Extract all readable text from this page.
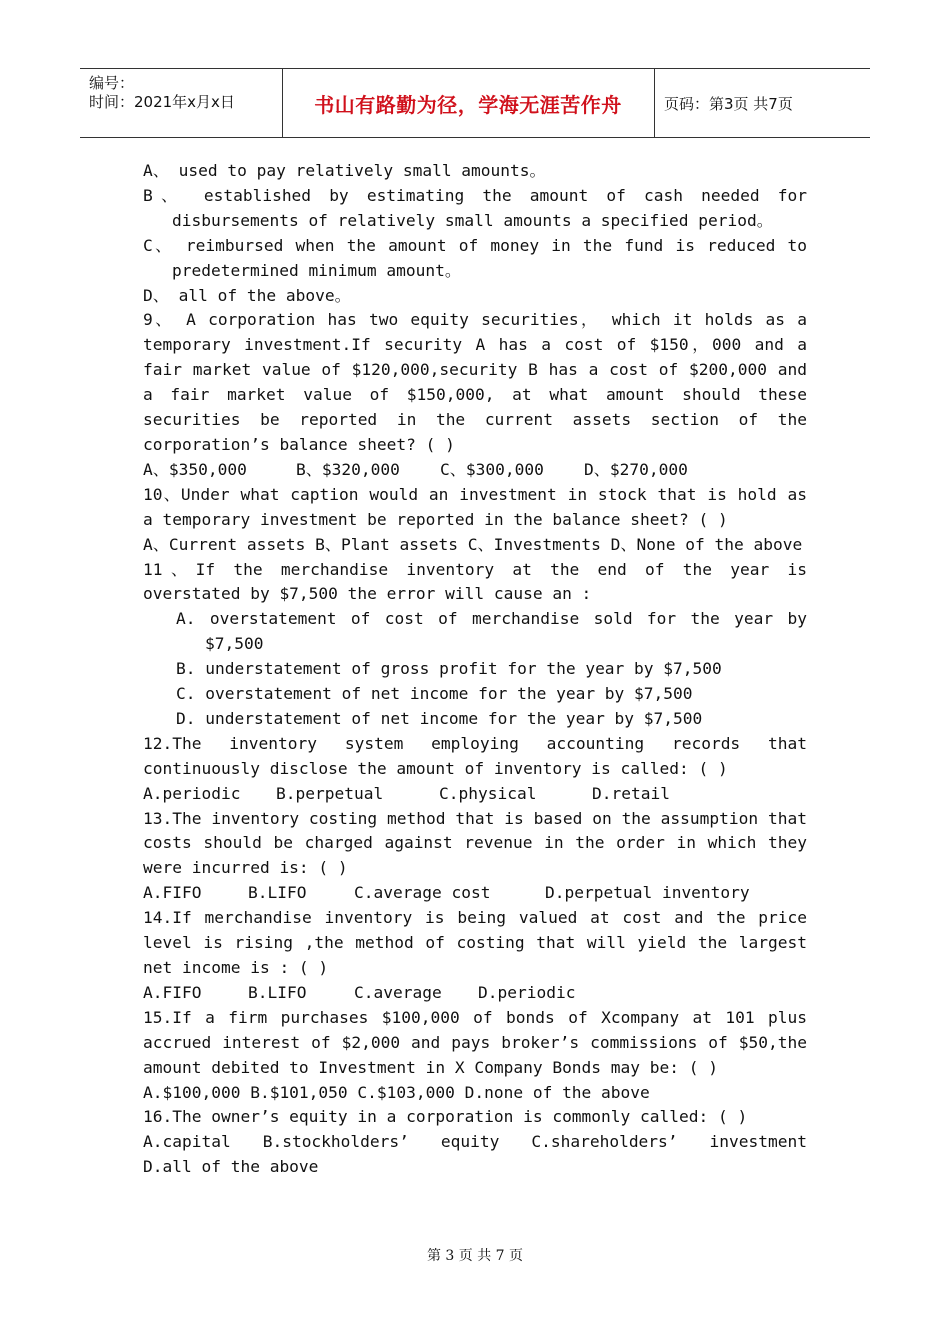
编号：
时间：2021年x月x日	书山有路勤为径，学海无涯苦作舟	页码：第3页 共7页

A、 used to pay relatively small amounts。

B、 established by estimating the amount of cash needed for disbursements of relatively small amounts a specified period。

C、 reimbursed when the amount of money in the fund is reduced to predetermined minimum amount。

D、 all of the above。

9、 A corporation has two equity securities， which it holds as a temporary investment.If security A has a cost of $150，000 and a fair market value of $120,000,security B has a cost of $200,000 and a fair market value of $150,000, at what amount should these securities be reported in the current assets section of the corporation’s balance sheet? ( )

A、$350,000	B、$320,000	C、$300,000	D、$270,000

10、Under what caption would an investment in stock that is hold as a temporary investment be reported in the balance sheet? ( )

A、Current assets B、Plant assets C、Investments D、None of the above

11、If the merchandise inventory at the end of the year is overstated by $7,500 the error will cause an :

A. overstatement of cost of merchandise sold for the year by $7,500

B. understatement of gross profit for the year by $7,500

C. overstatement of net income for the year by $7,500

D. understatement of net income for the year by $7,500

12.The inventory system employing accounting records that continuously disclose the amount of inventory is called: ( )

A.periodic	B.perpetual	C.physical	D.retail

13.The inventory costing method that is based on the assumption that costs should be charged against revenue in the order in which they were incurred is: ( )

A.FIFO	B.LIFO	C.average cost	D.perpetual inventory

14.If merchandise inventory is being valued at cost and the price level is rising ,the method of costing that will yield the largest net income is : ( )

A.FIFO	B.LIFO	C.average	D.periodic

15.If a firm purchases $100,000 of bonds of Xcompany at 101 plus accrued interest of $2,000 and pays broker’s commissions of $50,the amount debited to Investment in X Company Bonds may be: ( )

A.$100,000 B.$101,050 C.$103,000 D.none of the above

16.The owner’s equity in a corporation is commonly called: ( )

A.capital B.stockholders’ equity C.shareholders’ investment

D.all of the above

第 3 页 共 7 页
